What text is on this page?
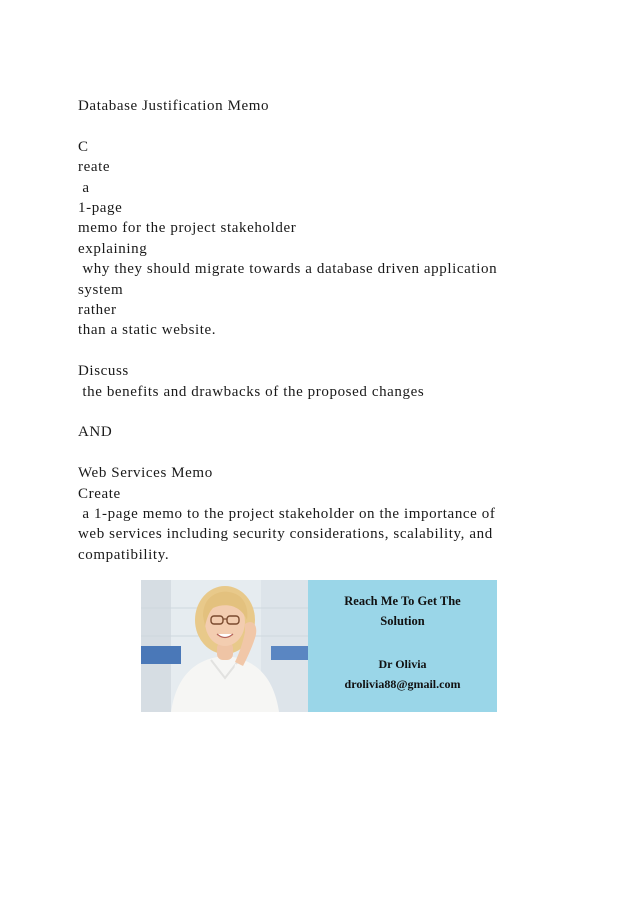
Database Justification Memo
C
reate
a
1-page
memo for the project stakeholder
explaining
why they should migrate towards a database driven application
system
rather
than a static website.
Discuss
the benefits and drawbacks of the proposed changes
AND
Web Services Memo
Create
a 1-page memo to the project stakeholder on the importance of
web services including security considerations, scalability, and
compatibility.
Reach Me To Get The
Solution
Dr Olivia
drolivia88@gmail.com
